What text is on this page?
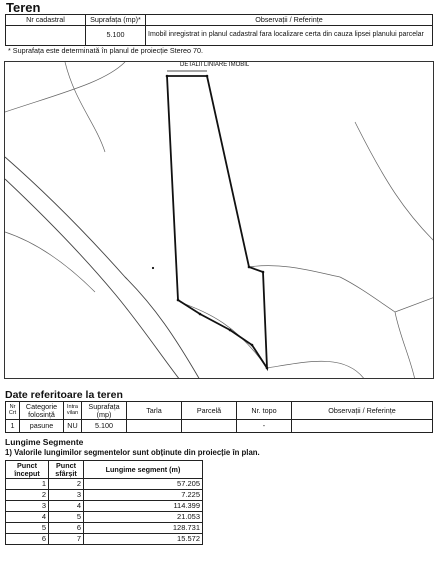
Teren
Nr cadastral	Suprafața (mp)*	Observații / Referințe
	5.100	Imobil inregistrat in planul cadastral fara localizare certa din cauza lipsei planului parcelar
* Suprafața este determinată în planul de proiecție Stereo 70.
DETALII LINIARE IMOBIL
Date referitoare la teren
Nr Crt	Categorie folosință	Intra vilan	Suprafața (mp)	Tarla	Parcelă	Nr. topo	Observații / Referințe
1	pasune	NU	5.100			-	
Lungime Segmente
1) Valorile lungimilor segmentelor sunt obținute din proiecție în plan.
Punct început	Punct sfârșit	Lungime segment (m)
1	2	57.205
2	3	7.225
3	4	114.399
4	5	21.053
5	6	128.731
6	7	15.572
